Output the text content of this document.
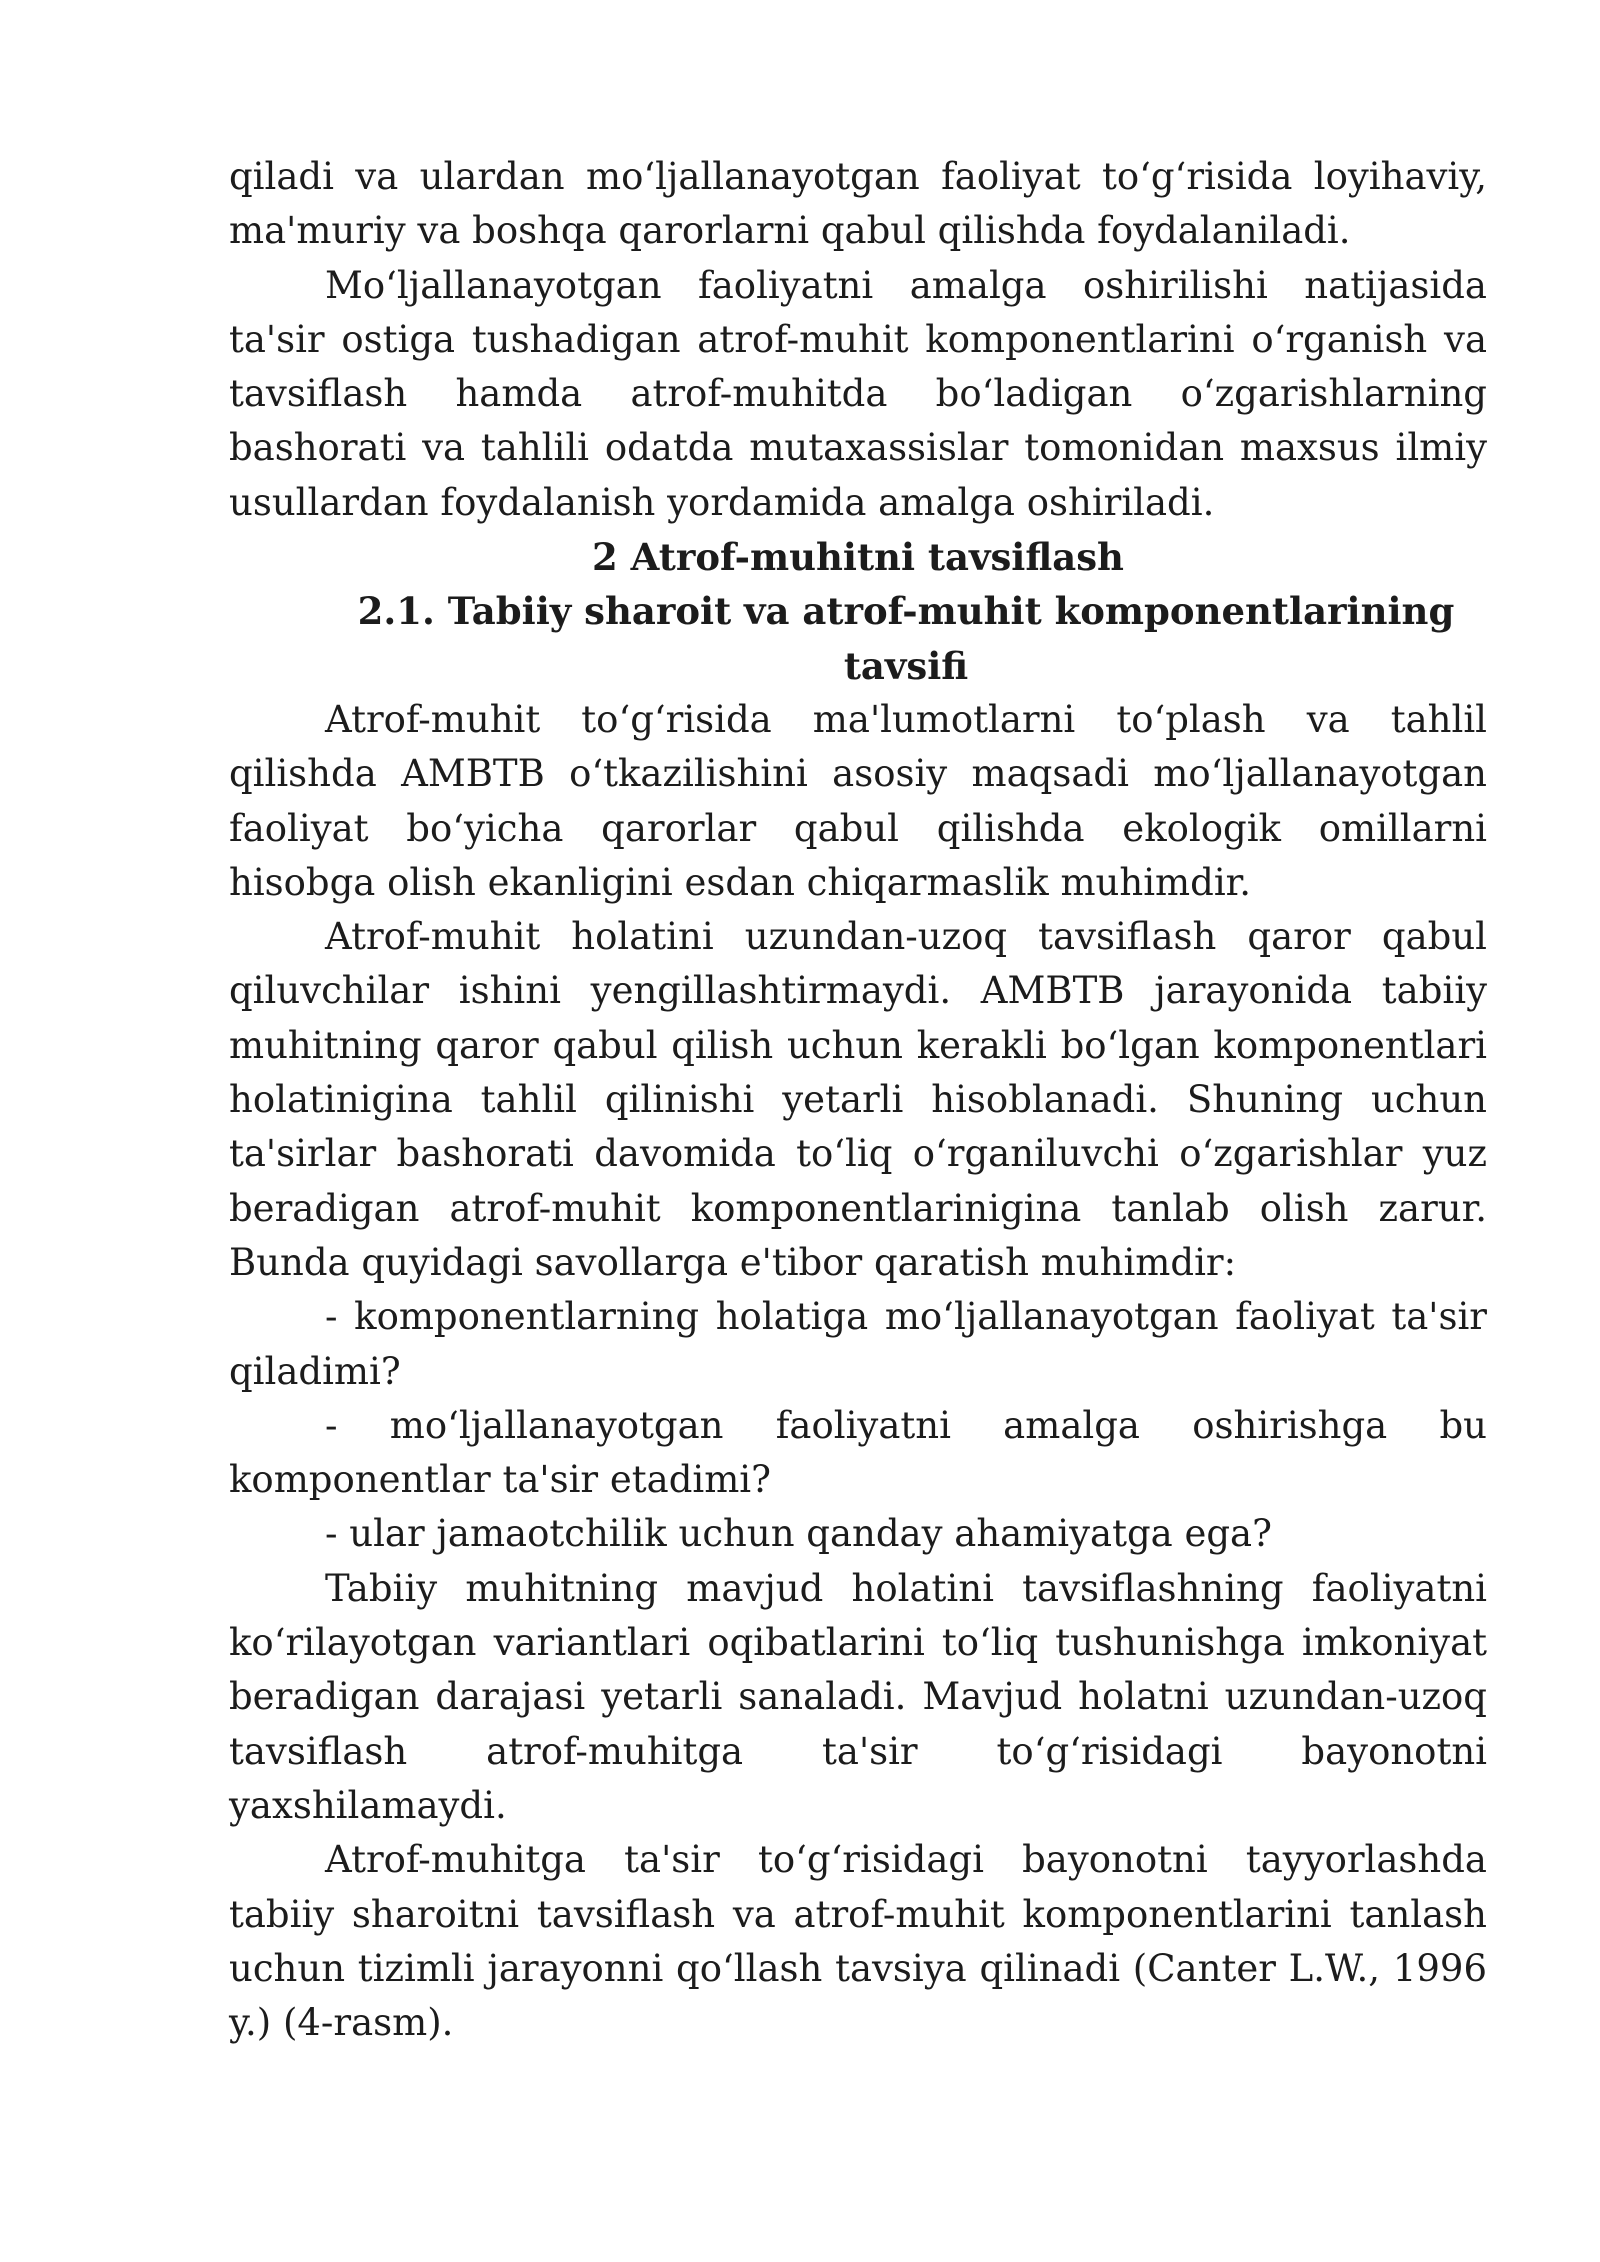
qiladi va ulardan mo‘ljallanayotgan faoliyat to‘g‘risida loyihaviy, ma'muriy va boshqa qarorlarni qabul qilishda foydalaniladi.

Mo‘ljallanayotgan faoliyatni amalga oshirilishi natijasida ta'sir ostiga tushadigan atrof-muhit komponentlarini o‘rganish va tavsiflash hamda atrof-muhitda bo‘ladigan o‘zgarishlarning bashorati va tahlili odatda mutaxassislar tomonidan maxsus ilmiy usullardan foydalanish yordamida amalga oshiriladi.

2 Atrof-muhitni tavsiflash

2.1. Tabiiy sharoit va atrof-muhit komponentlarining tavsifi

Atrof-muhit to‘g‘risida ma'lumotlarni to‘plash va tahlil qilishda AMBTB o‘tkazilishini asosiy maqsadi mo‘ljallanayotgan faoliyat bo‘yicha qarorlar qabul qilishda ekologik omillarni hisobga olish ekanligini esdan chiqarmaslik muhimdir.

Atrof-muhit holatini uzundan-uzoq tavsiflash qaror qabul qiluvchilar ishini yengillashtirmaydi. AMBTB jarayonida tabiiy muhitning qaror qabul qilish uchun kerakli bo‘lgan komponentlari holatinigina tahlil qilinishi yetarli hisoblanadi. Shuning uchun ta'sirlar bashorati davomida to‘liq o‘rganiluvchi o‘zgarishlar yuz beradigan atrof-muhit komponentlarinigina tanlab olish zarur. Bunda quyidagi savollarga e'tibor qaratish muhimdir:

- komponentlarning holatiga mo‘ljallanayotgan faoliyat ta'sir qiladimi?

- mo‘ljallanayotgan faoliyatni amalga oshirishga bu komponentlar ta'sir etadimi?

- ular jamaotchilik uchun qanday ahamiyatga ega?

Tabiiy muhitning mavjud holatini tavsiflashning faoliyatni ko‘rilayotgan variantlari oqibatlarini to‘liq tushunishga imkoniyat beradigan darajasi yetarli sanaladi. Mavjud holatni uzundan-uzoq tavsiflash atrof-muhitga ta'sir to‘g‘risidagi bayonotni yaxshilamaydi.

Atrof-muhitga ta'sir to‘g‘risidagi bayonotni tayyorlashda tabiiy sharoitni tavsiflash va atrof-muhit komponentlarini tanlash uchun tizimli jarayonni qo‘llash tavsiya qilinadi (Canter L.W., 1996 y.) (4-rasm).
